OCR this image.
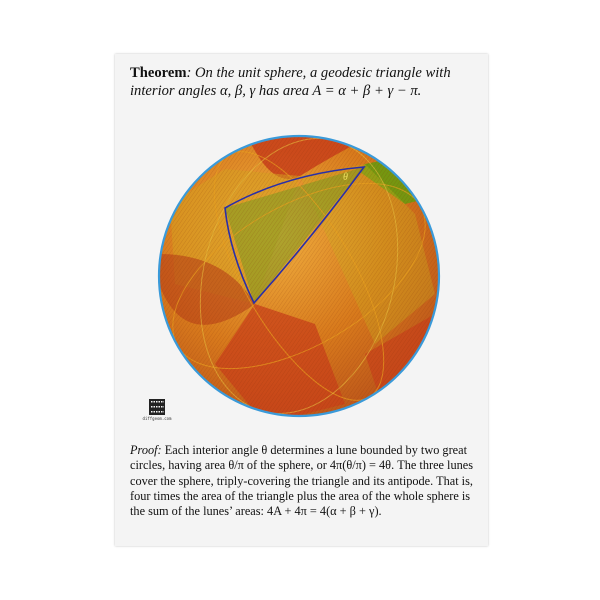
Theorem: On the unit sphere, a geodesic triangle with interior angles α, β, γ has area A = α + β + γ − π.
θ
diffgeom.com
Proof: Each interior angle θ determines a lune bounded by two great circles, having area θ/π of the sphere, or 4π(θ/π) = 4θ. The three lunes cover the sphere, triply-covering the triangle and its antipode. That is, four times the area of the triangle plus the area of the whole sphere is the sum of the lunes’ areas: 4A + 4π = 4(α + β + γ).
